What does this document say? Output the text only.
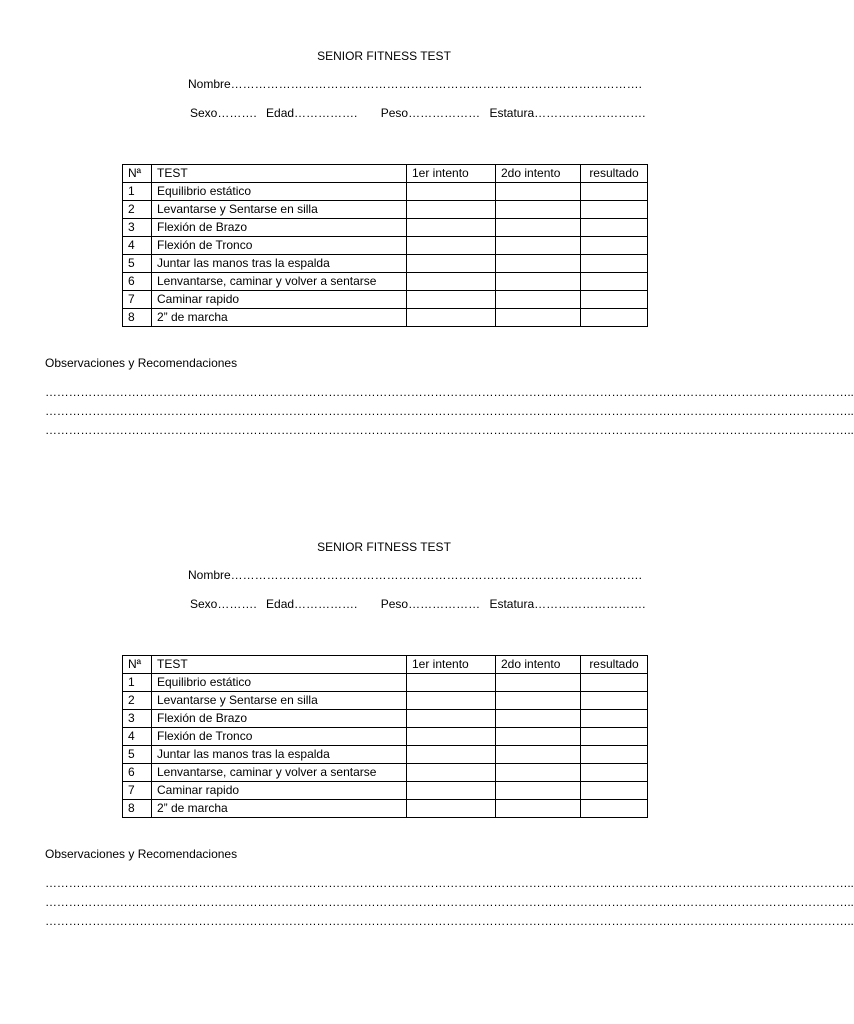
SENIOR FITNESS TEST
Nombre………………………………………………………………………………………….
Sexo………. Edad……………. Peso……………… Estatura……………………….
Nª	TEST	1er intento	2do intento	resultado
1	Equilibrio estático			
2	Levantarse y Sentarse en silla			
3	Flexión de Brazo			
4	Flexión de Tronco			
5	Juntar las manos tras la espalda			
6	Lenvantarse, caminar y volver a sentarse			
7	Caminar rapido			
8	2” de marcha			
Observaciones y Recomendaciones
……………………………………………………………………………………………………………………………………………………………………………………..
……………………………………………………………………………………………………………………………………………………………………………………..
……………………………………………………………………………………………………………………………………………………………………………………..
SENIOR FITNESS TEST
Nombre………………………………………………………………………………………….
Sexo………. Edad……………. Peso……………… Estatura……………………….
Nª	TEST	1er intento	2do intento	resultado
1	Equilibrio estático			
2	Levantarse y Sentarse en silla			
3	Flexión de Brazo			
4	Flexión de Tronco			
5	Juntar las manos tras la espalda			
6	Lenvantarse, caminar y volver a sentarse			
7	Caminar rapido			
8	2” de marcha			
Observaciones y Recomendaciones
……………………………………………………………………………………………………………………………………………………………………………………..
……………………………………………………………………………………………………………………………………………………………………………………..
……………………………………………………………………………………………………………………………………………………………………………………..
